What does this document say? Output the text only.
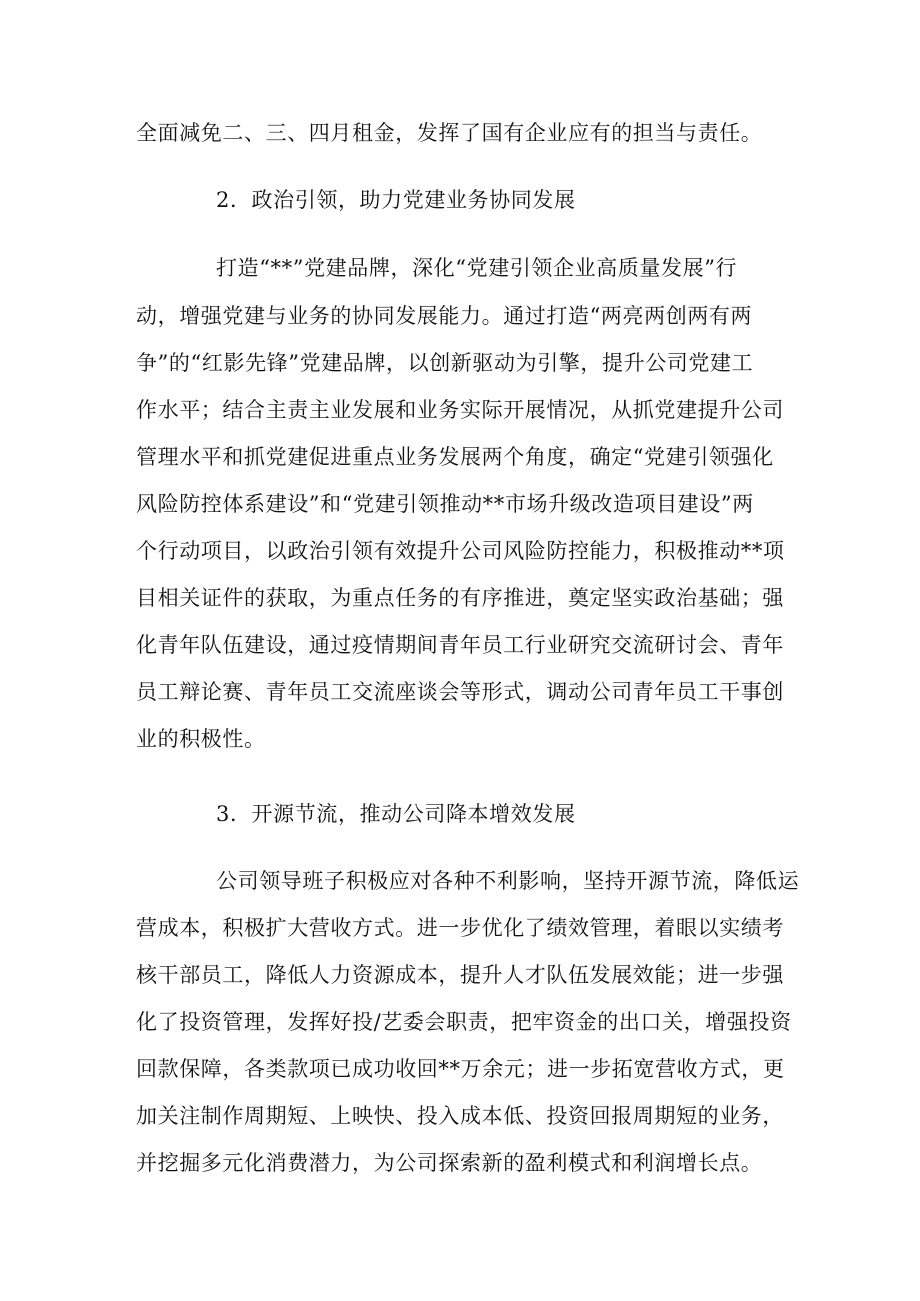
全面减免二、三、四月租金，发挥了国有企业应有的担当与责任。
2．政治引领，助力党建业务协同发展
打造“**”党建品牌，深化“党建引领企业高质量发展”行
动，增强党建与业务的协同发展能力。通过打造“两亮两创两有两
争”的“红影先锋”党建品牌，以创新驱动为引擎，提升公司党建工
作水平；结合主责主业发展和业务实际开展情况，从抓党建提升公司
管理水平和抓党建促进重点业务发展两个角度，确定“党建引领强化
风险防控体系建设”和“党建引领推动**市场升级改造项目建设”两
个行动项目，以政治引领有效提升公司风险防控能力，积极推动**项
目相关证件的获取，为重点任务的有序推进，奠定坚实政治基础；强
化青年队伍建设，通过疫情期间青年员工行业研究交流研讨会、青年
员工辩论赛、青年员工交流座谈会等形式，调动公司青年员工干事创
业的积极性。
3．开源节流，推动公司降本增效发展
公司领导班子积极应对各种不利影响，坚持开源节流，降低运
营成本，积极扩大营收方式。进一步优化了绩效管理，着眼以实绩考
核干部员工，降低人力资源成本，提升人才队伍发展效能；进一步强
化了投资管理，发挥好投/艺委会职责，把牢资金的出口关，增强投资
回款保障，各类款项已成功收回**万余元；进一步拓宽营收方式，更
加关注制作周期短、上映快、投入成本低、投资回报周期短的业务，
并挖掘多元化消费潜力，为公司探索新的盈利模式和利润增长点。
